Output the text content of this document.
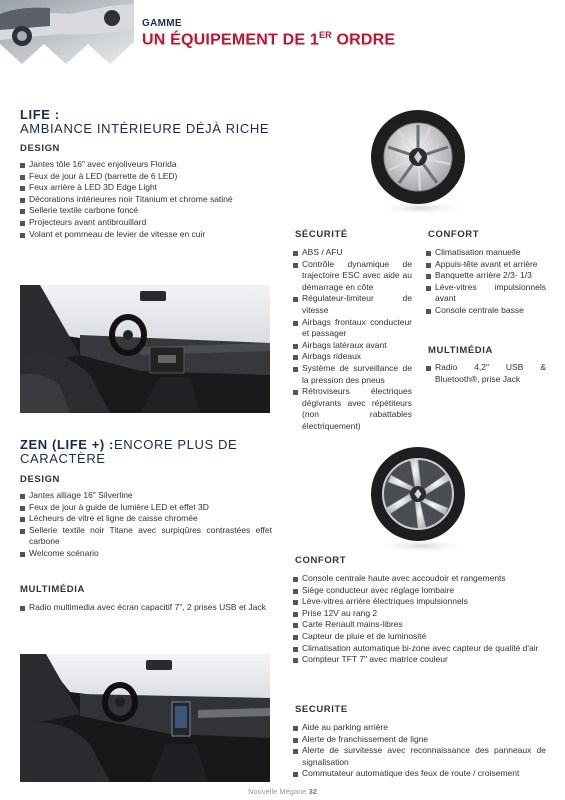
GAMME
UN ÉQUIPEMENT DE 1ER ORDRE
LIFE :
AMBIANCE INTÉRIEURE DÉJÀ RICHE
DESIGN
Jantes tôle 16" avec enjoliveurs Florida
Feux de jour à LED (barrette de 6 LED)
Feux arrière à LED 3D Edge Light
Décorations intérieures noir Titanium et chrome satiné
Sellerie textile carbone foncé
Projecteurs avant antibrouillard
Volant et pommeau de levier de vitesse en cuir	SÉCURITÉ
ABS / AFU
Contrôle dynamique de trajectoire ESC avec aide au démarrage en côte
Régulateur-limiteur de vitesse
Airbags frontaux conducteur et passager
Airbags latéraux avant
Airbags rideaux
Système de surveillance de la pression des pneus
Rétroviseurs électriques dégivrants avec répétiteurs (non rabattables électriquement)
CONFORT
Climatisation manuelle
Appuis-tête avant et arrière
Banquette arrière 2/3- 1/3
Lève-vitres impulsionnels avant
Console centrale basse
MULTIMÉDIA
Radio 4,2" USB & Bluetooth®, prise Jack
ZEN (LIFE +) :ENCORE PLUS DE CARACTÈRE
DESIGN
Jantes alliage 16" Silverline
Feux de jour à guide de lumière LED et effet 3D
Lécheurs de vitre et ligne de caisse chromée
Sellerie textile noir Titane avec surpiqûres contrastées effet carbone
Welcome scénario
MULTIMÉDIA
Radio multimedia avec écran capacitif 7", 2 prises USB et Jack
CONFORT
Console centrale haute avec accoudoir et rangements
Siège conducteur avec réglage lombaire
Lève-vitres arrière électriques impulsionnels
Prise 12V au rang 2
Carte Renault mains-libres
Capteur de pluie et de luminosité
Climatisation automatique bi-zone avec capteur de qualité d'air
Compteur TFT 7" avec matrice couleur
SECURITE
Aide au parking arrière
Alerte de franchissement de ligne
Alerte de survitesse avec reconnaissance des panneaux de signalisation
Commutateur automatique des feux de route / croisement
Nouvelle Mégane 32
